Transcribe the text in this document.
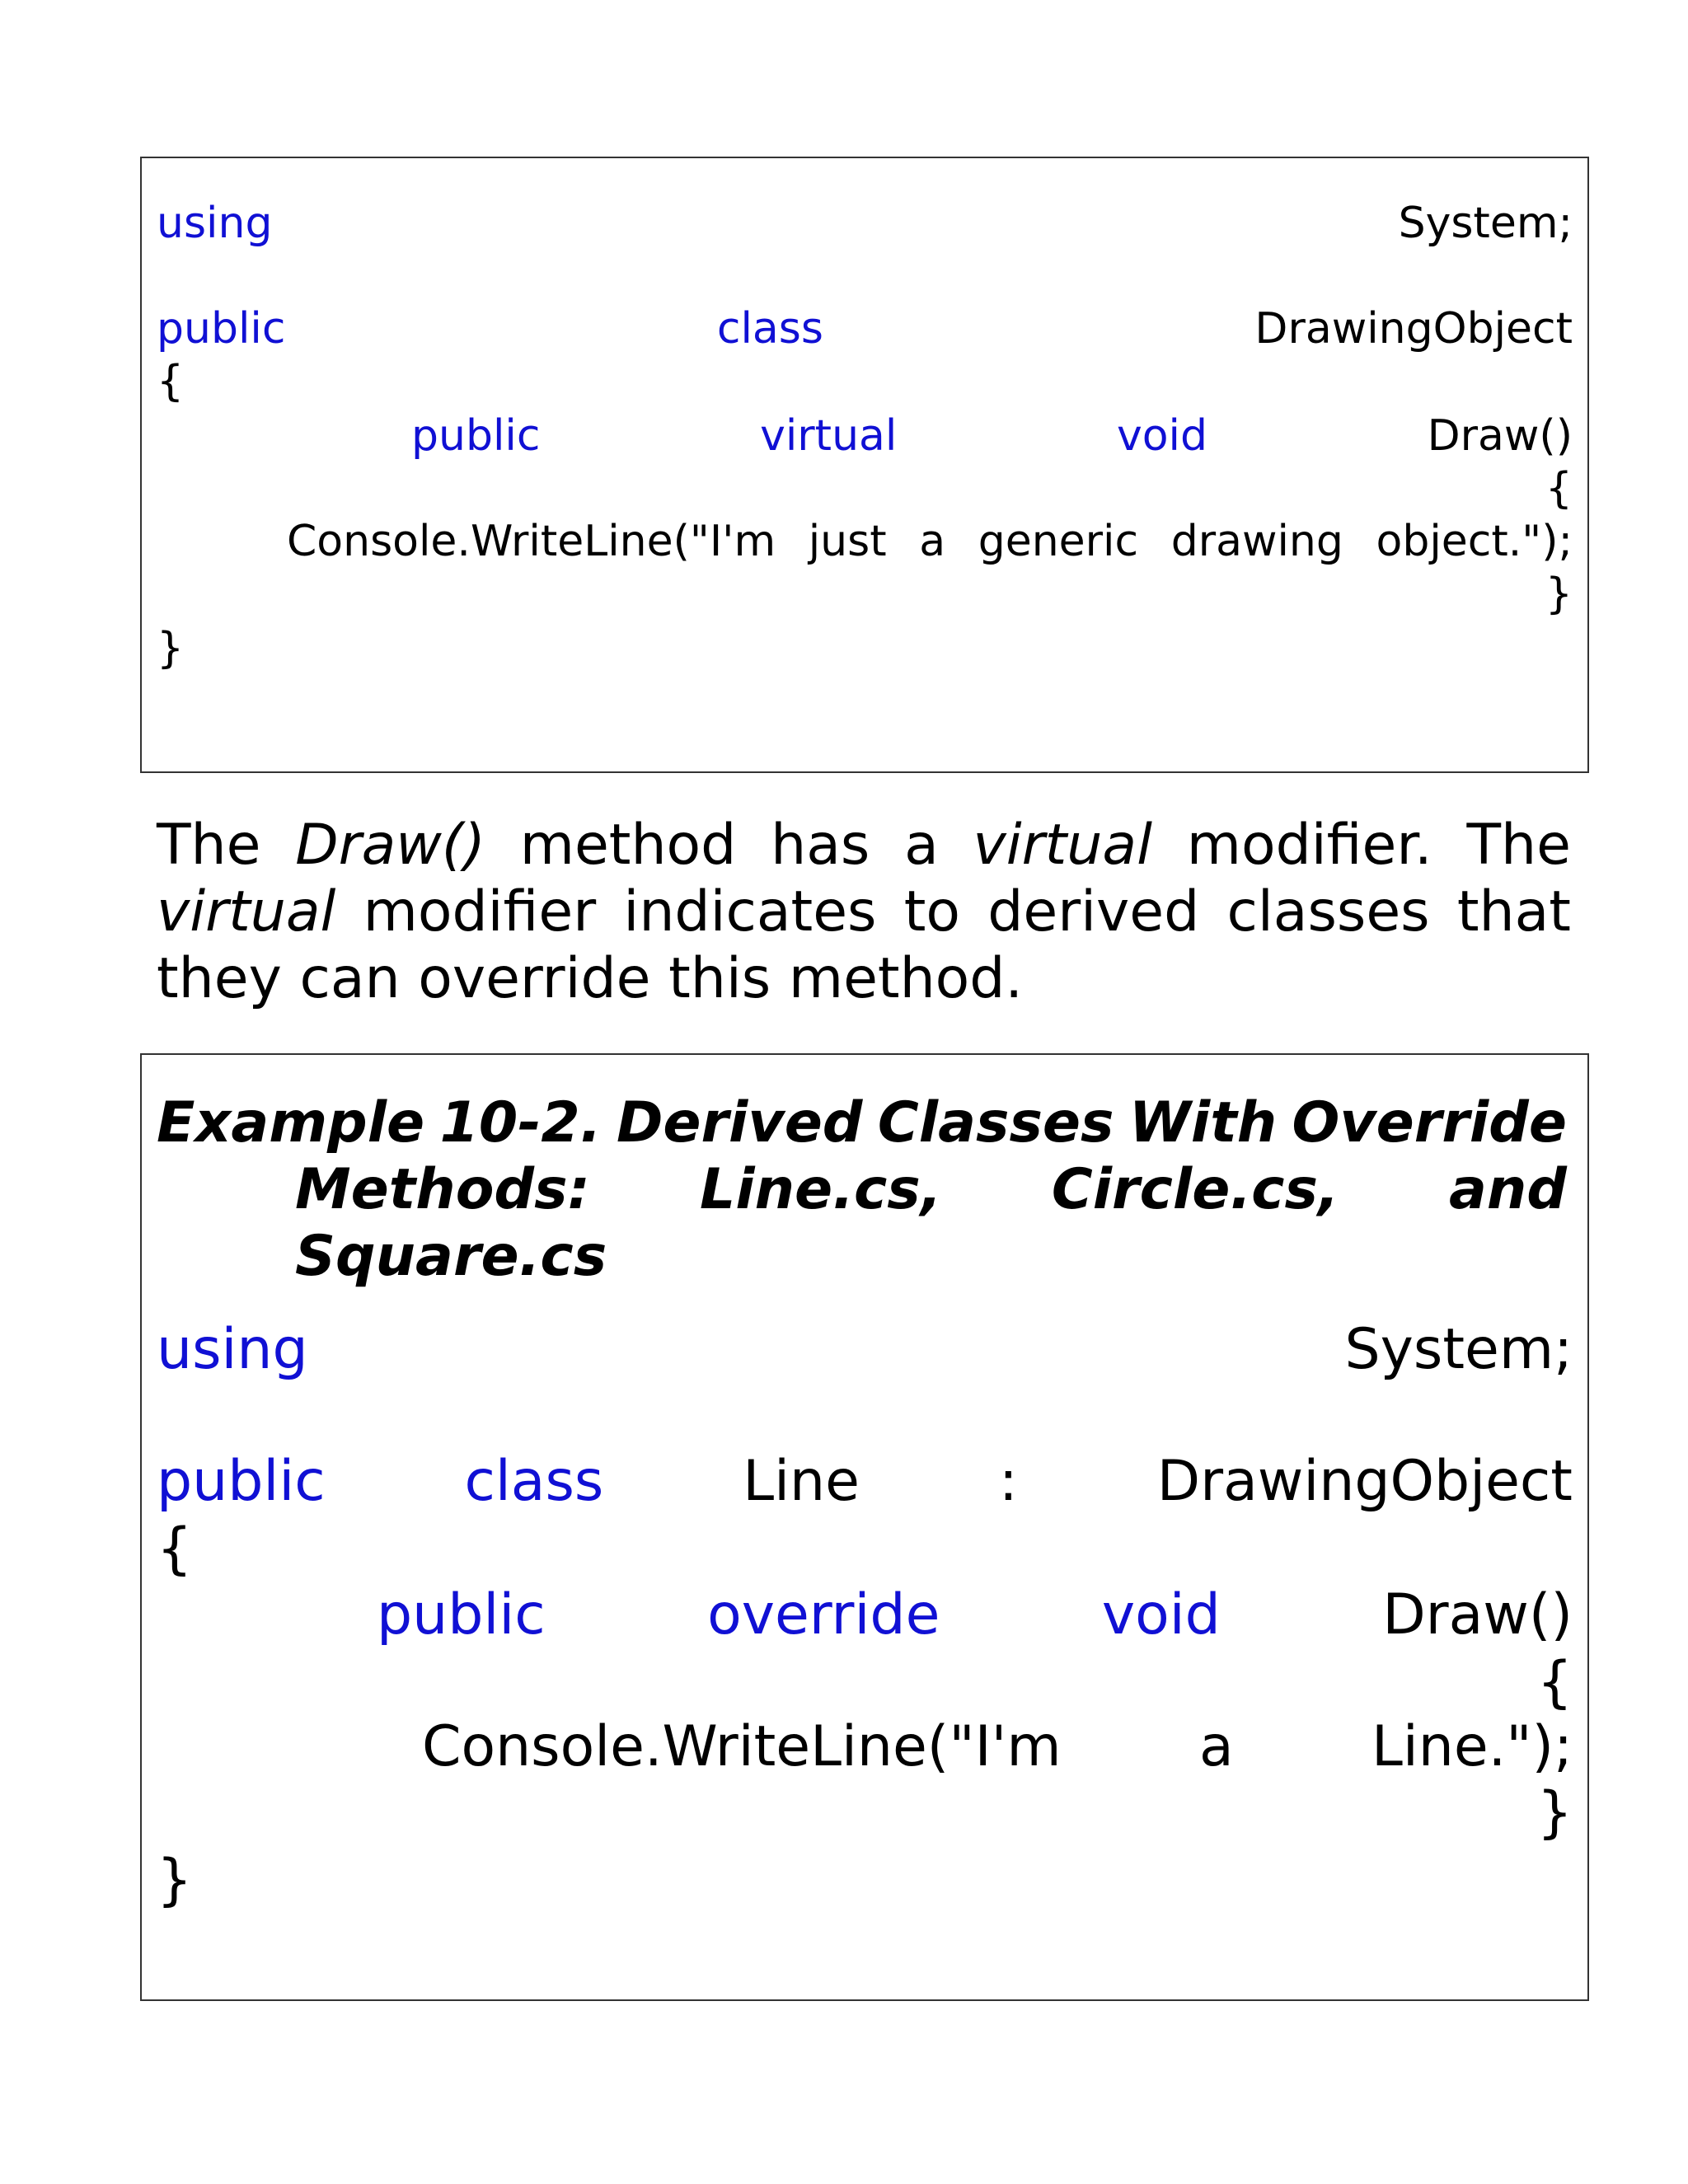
using	System;
public	class	DrawingObject
{
public	virtual	void	Draw()
{
Console.WriteLine("I'm just a generic drawing object.");
}
}
The Draw() method has a virtual modifier. The
virtual modifier indicates to derived classes that
they can override this method.
Example 10-2. Derived Classes With Override
Methods: Line.cs, Circle.cs, and
Square.cs
using	System;
public class Line : DrawingObject
{
public	override	void	Draw()
{
Console.WriteLine("I'm a Line.");
}
}
